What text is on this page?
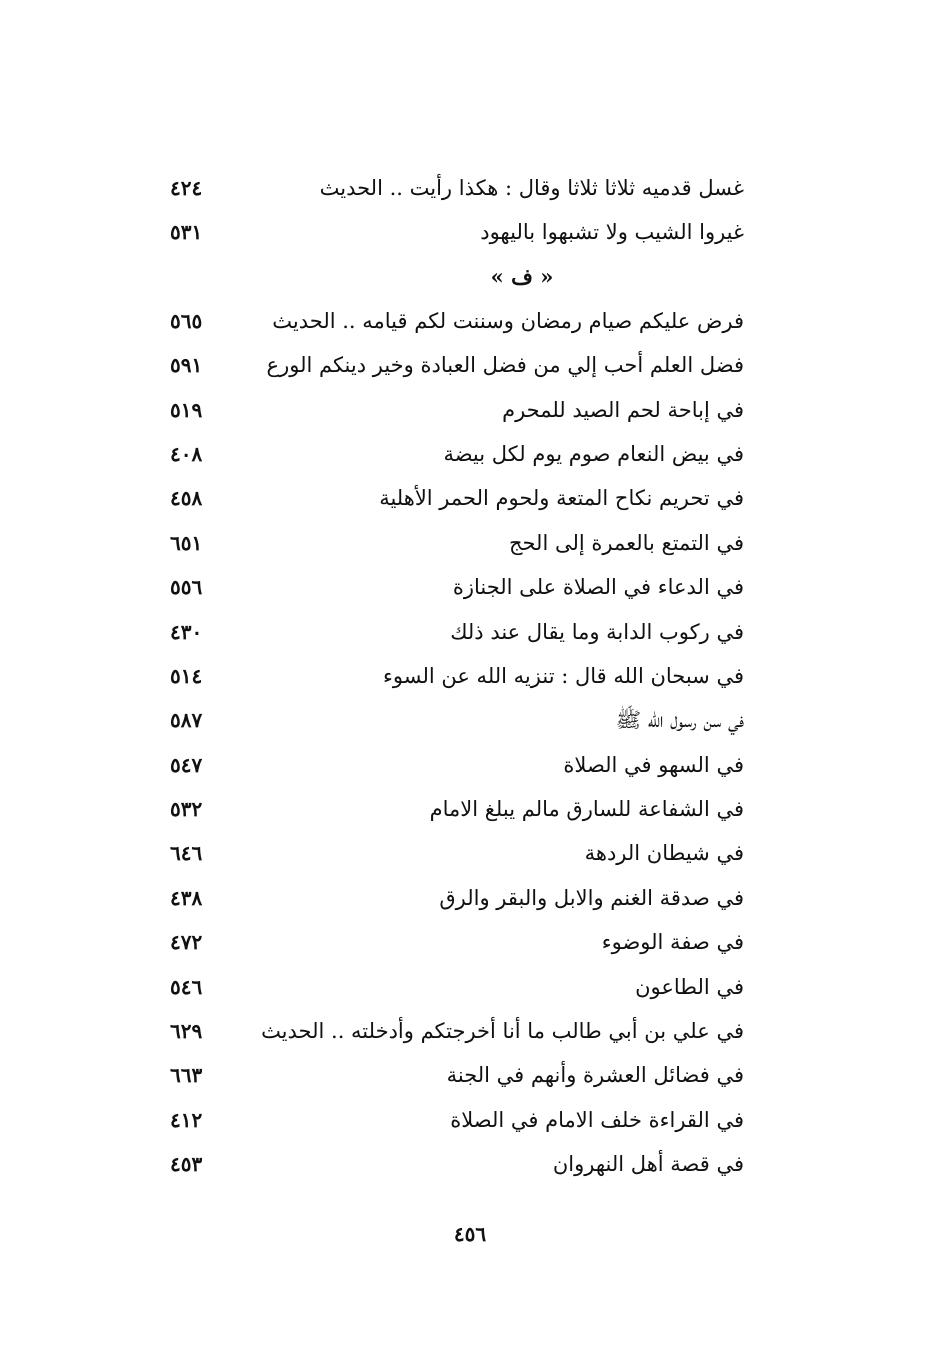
غسل قدميه ثلاثا ثلاثا وقال : هكذا رأيت .. الحديث
٤٢٤
غيروا الشيب ولا تشبهوا باليهود
٥٣١
« ف »
فرض عليكم صيام رمضان وسننت لكم قيامه .. الحديث
٥٦٥
فضل العلم أحب إلي من فضل العبادة وخير دينكم الورع
٥٩١
في إباحة لحم الصيد للمحرم
٥١٩
في بيض النعام صوم يوم لكل بيضة
٤٠٨
في تحريم نكاح المتعة ولحوم الحمر الأهلية
٤٥٨
في التمتع بالعمرة إلى الحج
٦٥١
في الدعاء في الصلاة على الجنازة
٥٥٦
في ركوب الدابة وما يقال عند ذلك
٤٣٠
في سبحان الله قال : تنزيه الله عن السوء
٥١٤
في سن رسول الله ﷺ
٥٨٧
في السهو في الصلاة
٥٤٧
في الشفاعة للسارق مالم يبلغ الامام
٥٣٢
في شيطان الردهة
٦٤٦
في صدقة الغنم والابل والبقر والرق
٤٣٨
في صفة الوضوء
٤٧٢
في الطاعون
٥٤٦
في علي بن أبي طالب ما أنا أخرجتكم وأدخلته .. الحديث
٦٢٩
في فضائل العشرة وأنهم في الجنة
٦٦٣
في القراءة خلف الامام في الصلاة
٤١٢
في قصة أهل النهروان
٤٥٣
٤٥٦
